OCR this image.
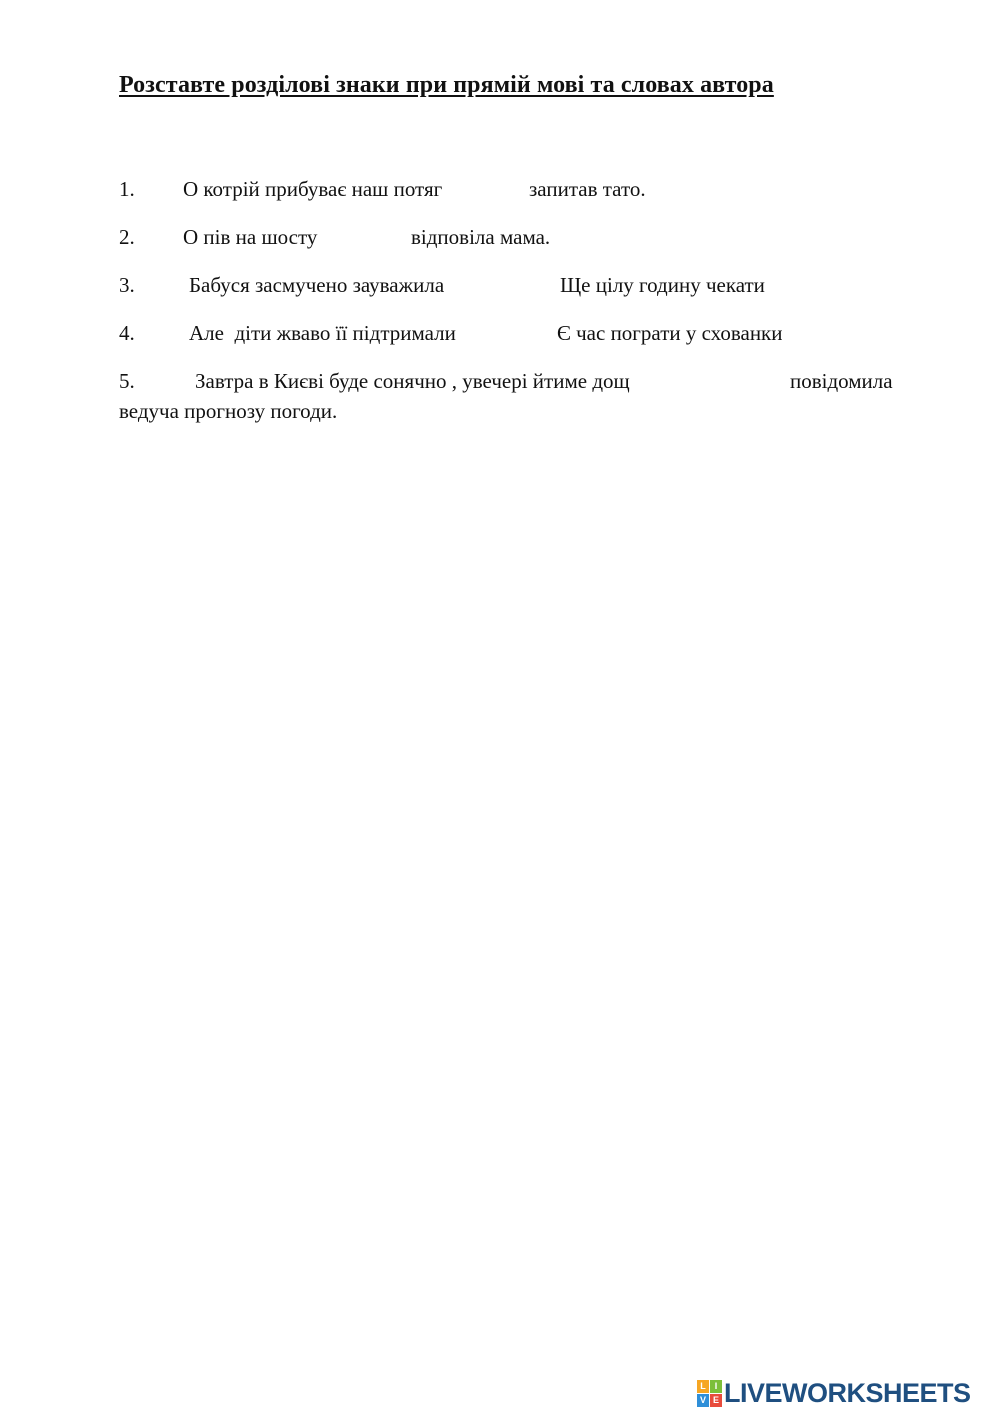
Розставте розділові знаки при прямій мові та словах автора
1. О котрій прибуває наш потяг	запитав тато.
2. О пів на шосту	відповіла мама.
3.	Бабуся засмучено зауважила	Ще цілу годину чекати
4.	Але  діти жваво її підтримали	Є час пограти у схованки
5.	Завтра в Києві буде сонячно , увечері йтиме дощ	повідомила
ведуча прогнозу погоди.
L I
V E LIVEWORKSHEETS
